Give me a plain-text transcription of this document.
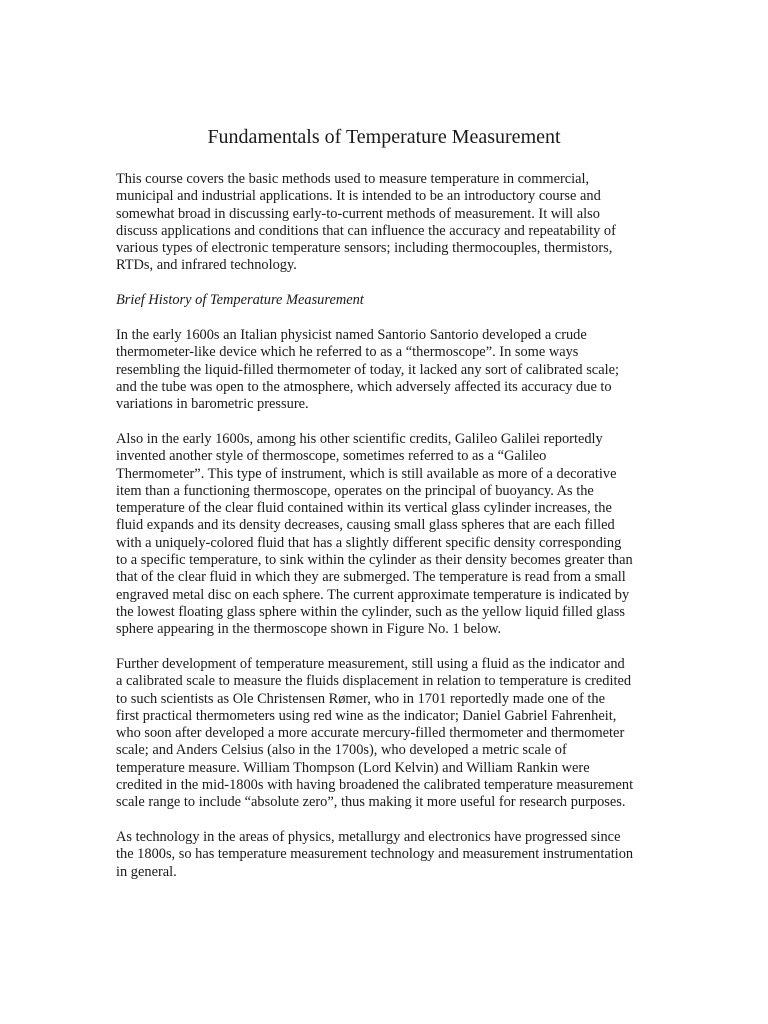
Fundamentals of Temperature Measurement

This course covers the basic methods used to measure temperature in commercial,
municipal and industrial applications. It is intended to be an introductory course and
somewhat broad in discussing early-to-current methods of measurement. It will also
discuss applications and conditions that can influence the accuracy and repeatability of
various types of electronic temperature sensors; including thermocouples, thermistors,
RTDs, and infrared technology.

Brief History of Temperature Measurement

In the early 1600s an Italian physicist named Santorio Santorio developed a crude
thermometer-like device which he referred to as a “thermoscope”. In some ways
resembling the liquid-filled thermometer of today, it lacked any sort of calibrated scale;
and the tube was open to the atmosphere, which adversely affected its accuracy due to
variations in barometric pressure.

Also in the early 1600s, among his other scientific credits, Galileo Galilei reportedly
invented another style of thermoscope, sometimes referred to as a “Galileo
Thermometer”. This type of instrument, which is still available as more of a decorative
item than a functioning thermoscope, operates on the principal of buoyancy. As the
temperature of the clear fluid contained within its vertical glass cylinder increases, the
fluid expands and its density decreases, causing small glass spheres that are each filled
with a uniquely-colored fluid that has a slightly different specific density corresponding
to a specific temperature, to sink within the cylinder as their density becomes greater than
that of the clear fluid in which they are submerged. The temperature is read from a small
engraved metal disc on each sphere. The current approximate temperature is indicated by
the lowest floating glass sphere within the cylinder, such as the yellow liquid filled glass
sphere appearing in the thermoscope shown in Figure No. 1 below.

Further development of temperature measurement, still using a fluid as the indicator and
a calibrated scale to measure the fluids displacement in relation to temperature is credited
to such scientists as Ole Christensen Rømer, who in 1701 reportedly made one of the
first practical thermometers using red wine as the indicator; Daniel Gabriel Fahrenheit,
who soon after developed a more accurate mercury-filled thermometer and thermometer
scale; and Anders Celsius (also in the 1700s), who developed a metric scale of
temperature measure. William Thompson (Lord Kelvin) and William Rankin were
credited in the mid-1800s with having broadened the calibrated temperature measurement
scale range to include “absolute zero”, thus making it more useful for research purposes.

As technology in the areas of physics, metallurgy and electronics have progressed since
the 1800s, so has temperature measurement technology and measurement instrumentation
in general.
